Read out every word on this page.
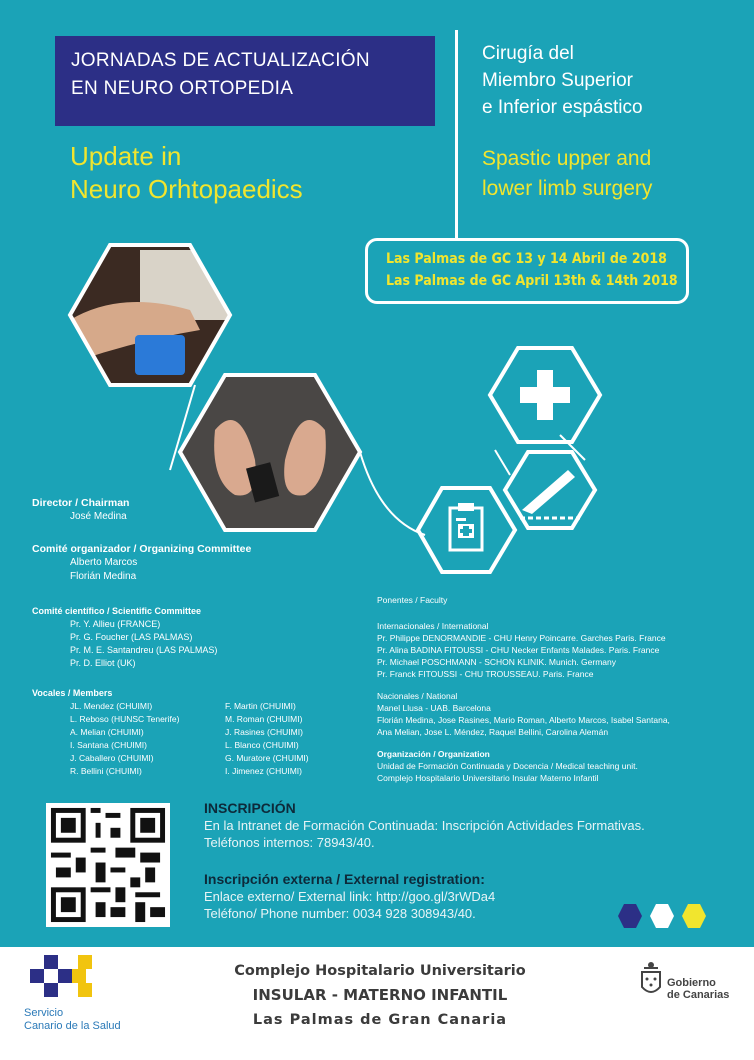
JORNADAS DE ACTUALIZACIÓN
EN NEURO ORTOPEDIA
Update in
Neuro Orhtopaedics
Cirugía del
Miembro Superior
e Inferior espástico
Spastic upper and
lower limb surgery
Las Palmas de GC 13 y 14 Abril de 2018
Las Palmas de GC April 13th & 14th 2018
Director / Chairman
José Medina
Comité organizador / Organizing Committee
Alberto Marcos
Florián Medina
Comité científico / Scientific Committee
Pr. Y. Allieu (FRANCE)
Pr. G. Foucher (LAS PALMAS)
Pr. M. E. Santandreu (LAS PALMAS)
Pr. D. Elliot (UK)
Vocales / Members
JL. Mendez (CHUIMI)
L. Reboso (HUNSC Tenerife)
A. Melian (CHUIMI)
I. Santana (CHUIMI)
J. Caballero (CHUIMI)
R. Bellini (CHUIMI)
F. Martin (CHUIMI)
M. Roman (CHUIMI)
J. Rasines (CHUIMI)
L. Blanco (CHUIMI)
G. Muratore (CHUIMI)
I. Jimenez (CHUIMI)
Ponentes / Faculty
Internacionales / International
Pr. Philippe DENORMANDIE - CHU Henry Poincarre. Garches Paris. France
Pr. Alina BADINA FITOUSSI - CHU Necker Enfants Malades. Paris. France
Pr. Michael POSCHMANN - SCHON KLINIK. Munich. Germany
Pr. Franck FITOUSSI - CHU TROUSSEAU. Paris. France
Nacionales / National
Manel Llusa - UAB. Barcelona
Florián Medina, Jose Rasines, Mario Roman, Alberto Marcos, Isabel Santana,
Ana Melian, Jose L. Méndez, Raquel Bellini, Carolina Alemán
Organización / Organization
Unidad de Formación Continuada y Docencia / Medical teaching unit.
Complejo Hospitalario Universitario Insular Materno Infantil
INSCRIPCIÓN
En la Intranet de Formación Continuada: Inscripción Actividades Formativas.
Teléfonos internos: 78943/40.
Inscripción externa / External registration:
Enlace externo/ External link: http://goo.gl/3rWDa4
Teléfono/ Phone number: 0034 928 308943/40.
Servicio
Canario de la Salud
Complejo Hospitalario Universitario
INSULAR - MATERNO INFANTIL
Las Palmas de Gran Canaria
Gobierno
de Canarias
